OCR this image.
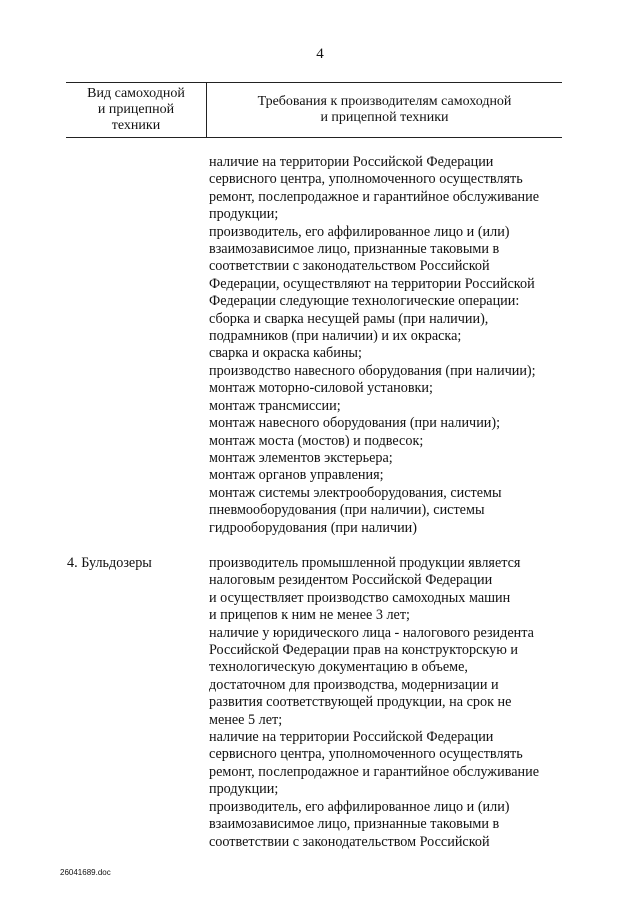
4
Вид самоходной
и прицепной
техники
Требования к производителям самоходной
и прицепной техники
наличие на территории Российской Федерации
сервисного центра, уполномоченного осуществлять
ремонт, послепродажное и гарантийное обслуживание
продукции;
производитель, его аффилированное лицо и (или)
взаимозависимое лицо, признанные таковыми в
соответствии с законодательством Российской
Федерации, осуществляют на территории Российской
Федерации следующие технологические операции:
сборка и сварка несущей рамы (при наличии),
подрамников (при наличии) и их окраска;
сварка и окраска кабины;
производство навесного оборудования (при наличии);
монтаж моторно-силовой установки;
монтаж трансмиссии;
монтаж навесного оборудования (при наличии);
монтаж моста (мостов) и подвесок;
монтаж элементов экстерьера;
монтаж органов управления;
монтаж системы электрооборудования, системы
пневмооборудования (при наличии), системы
гидрооборудования (при наличии)
4. Бульдозеры	производитель промышленной продукции является
налоговым резидентом Российской Федерации
и осуществляет производство самоходных машин
и прицепов к ним не менее 3 лет;
наличие у юридического лица - налогового резидента
Российской Федерации прав на конструкторскую и
технологическую документацию в объеме,
достаточном для производства, модернизации и
развития соответствующей продукции, на срок не
менее 5 лет;
наличие на территории Российской Федерации
сервисного центра, уполномоченного осуществлять
ремонт, послепродажное и гарантийное обслуживание
продукции;
производитель, его аффилированное лицо и (или)
взаимозависимое лицо, признанные таковыми в
соответствии с законодательством Российской
26041689.doc
